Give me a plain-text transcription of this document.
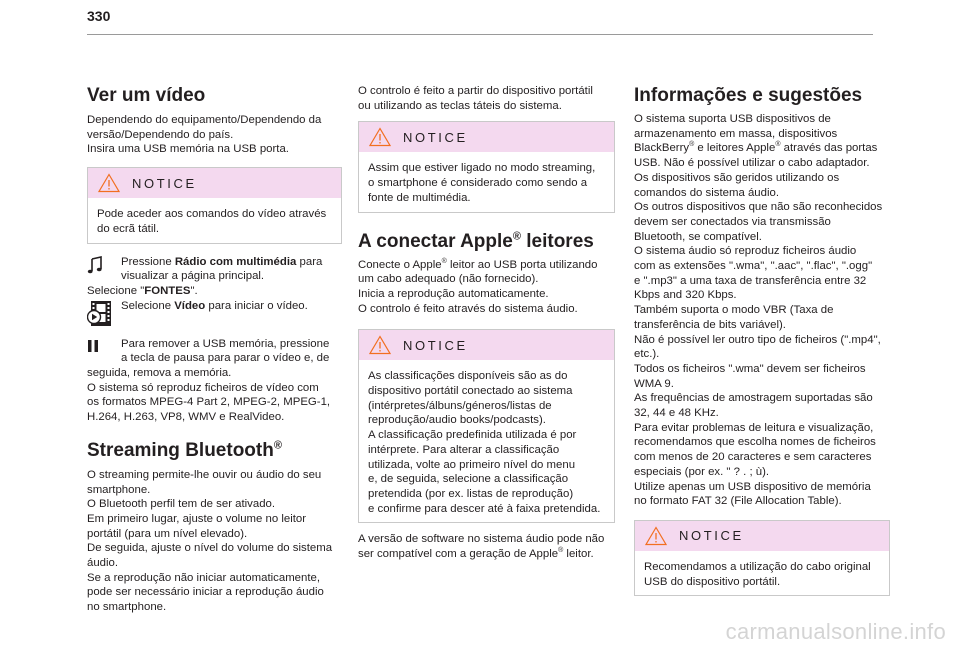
330
Ver um vídeo

Dependendo do equipamento/Dependendo da

versão/Dependendo do país.

Insira uma USB memória na USB porta.

NOTICE

Pode aceder aos comandos do vídeo através

do ecrã tátil.

Pressione Rádio com multimédia para

visualizar a página principal.

Selecione "FONTES".

Selecione Vídeo para iniciar o vídeo.

Para remover a USB memória, pressione

a tecla de pausa para parar o vídeo e, de

seguida, remova a memória.

O sistema só reproduz ficheiros de vídeo com

os formatos MPEG-4 Part 2, MPEG-2, MPEG-1,

H.264, H.263, VP8, WMV e RealVideo.

Streaming Bluetooth®

O streaming permite-lhe ouvir ou áudio do seu

smartphone.

O Bluetooth perfil tem de ser ativado.

Em primeiro lugar, ajuste o volume no leitor

portátil (para um nível elevado).

De seguida, ajuste o nível do volume do sistema

áudio.

Se a reprodução não iniciar automaticamente,

pode ser necessário iniciar a reprodução áudio

no smartphone.

O controlo é feito a partir do dispositivo portátil

ou utilizando as teclas táteis do sistema.

NOTICE

Assim que estiver ligado no modo streaming,

o smartphone é considerado como sendo a

fonte de multimédia.

A conectar Apple® leitores

Conecte o Apple® leitor ao USB porta utilizando

um cabo adequado (não fornecido).

Inicia a reprodução automaticamente.

O controlo é feito através do sistema áudio.

NOTICE

As classificações disponíveis são as do

dispositivo portátil conectado ao sistema

(intérpretes/álbuns/géneros/listas de

reprodução/audio books/podcasts).

A classificação predefinida utilizada é por

intérprete. Para alterar a classificação

utilizada, volte ao primeiro nível do menu

e, de seguida, selecione a classificação

pretendida (por ex. listas de reprodução)

e confirme para descer até à faixa pretendida.

A versão de software no sistema áudio pode não

ser compatível com a geração de Apple® leitor.

Informações e sugestões

O sistema suporta USB dispositivos de

armazenamento em massa, dispositivos

BlackBerry® e leitores Apple® através das portas

USB. Não é possível utilizar o cabo adaptador.

Os dispositivos são geridos utilizando os

comandos do sistema áudio.

Os outros dispositivos que não são reconhecidos

devem ser conectados via transmissão

Bluetooth, se compatível.

O sistema áudio só reproduz ficheiros áudio

com as extensões ".wma", ".aac", ".flac", ".ogg"

e ".mp3" a uma taxa de transferência entre 32

Kbps and 320 Kbps.

Também suporta o modo VBR (Taxa de

transferência de bits variável).

Não é possível ler outro tipo de ficheiros (".mp4",

etc.).

Todos os ficheiros ".wma" devem ser ficheiros

WMA 9.

As frequências de amostragem suportadas são

32, 44 e 48 KHz.

Para evitar problemas de leitura e visualização,

recomendamos que escolha nomes de ficheiros

com menos de 20 caracteres e sem caracteres

especiais (por ex. " ? . ; ù).

Utilize apenas um USB dispositivo de memória

no formato FAT 32 (File Allocation Table).

NOTICE

Recomendamos a utilização do cabo original

USB do dispositivo portátil.

carmanualsonline.info
